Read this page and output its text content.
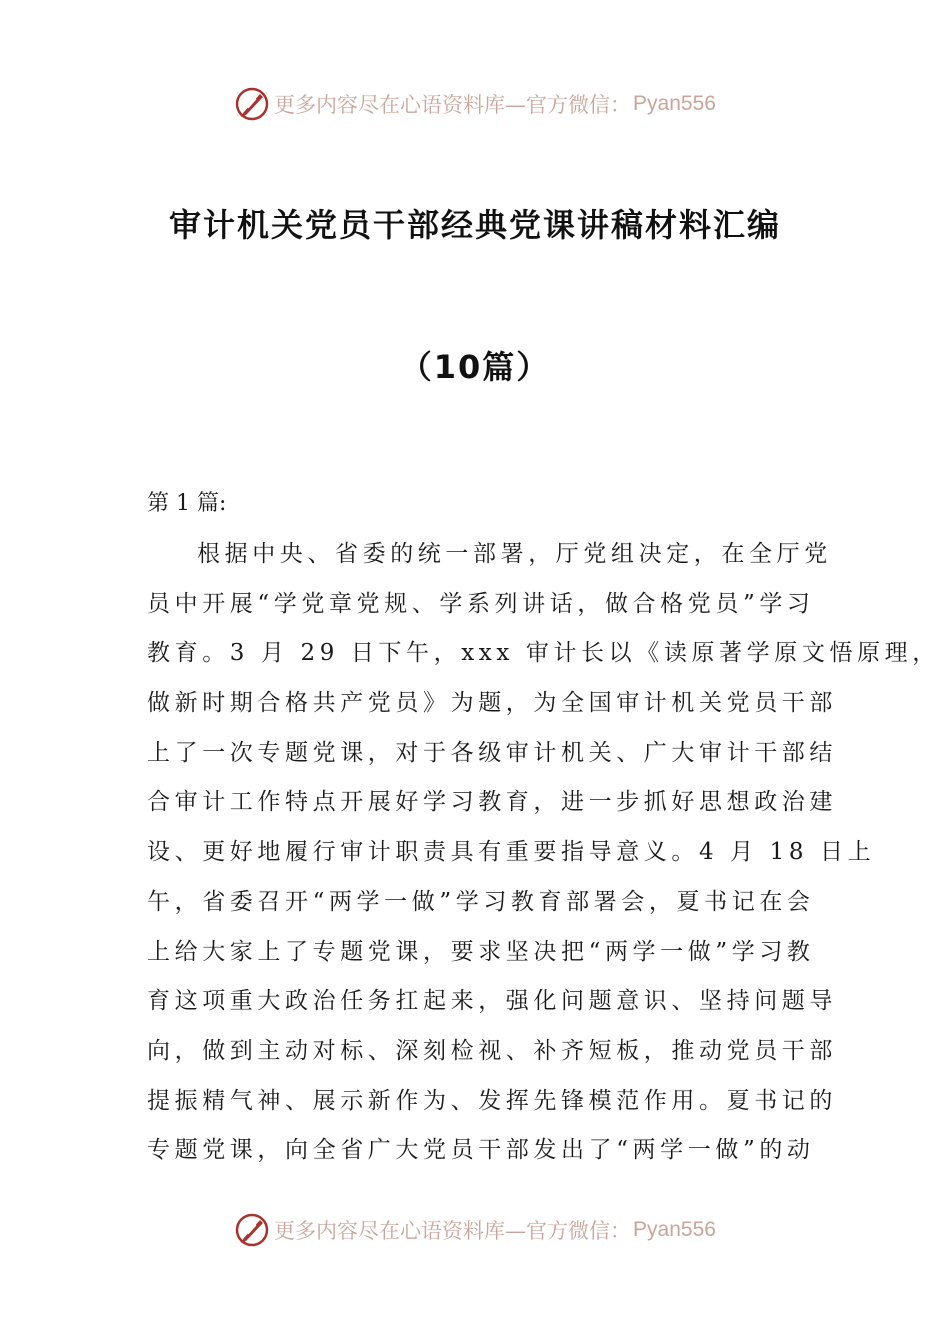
更多内容尽在心语资料库—官方微信： Pyan556
审计机关党员干部经典党课讲稿材料汇编
（10篇）
第 1 篇:
根据中央、省委的统一部署，厅党组决定，在全厅党
员中开展“学党章党规、学系列讲话，做合格党员”学习
教育。3 月 29 日下午，xxx 审计长以《读原著学原文悟原理，
做新时期合格共产党员》为题，为全国审计机关党员干部
上了一次专题党课，对于各级审计机关、广大审计干部结
合审计工作特点开展好学习教育，进一步抓好思想政治建
设、更好地履行审计职责具有重要指导意义。4 月 18 日上
午，省委召开“两学一做”学习教育部署会，夏书记在会
上给大家上了专题党课，要求坚决把“两学一做”学习教
育这项重大政治任务扛起来，强化问题意识、坚持问题导
向，做到主动对标、深刻检视、补齐短板，推动党员干部
提振精气神、展示新作为、发挥先锋模范作用。夏书记的
专题党课，向全省广大党员干部发出了“两学一做”的动
更多内容尽在心语资料库—官方微信： Pyan556
